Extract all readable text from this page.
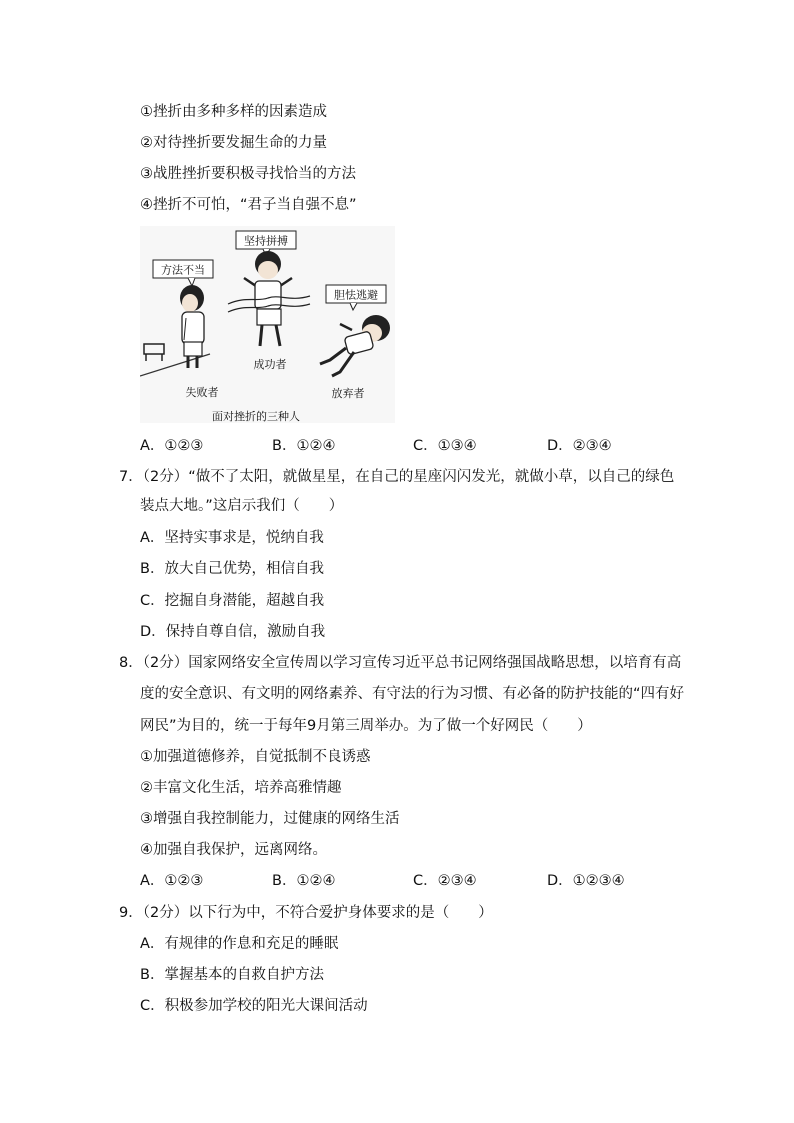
①挫折由多种多样的因素造成
②对待挫折要发掘生命的力量
③战胜挫折要积极寻找恰当的方法
④挫折不可怕，“君子当自强不息”
方法不当
坚持拼搏
胆怯逃避
失败者
成功者
放弃者
面对挫折的三种人
A．①②③	B．①②④	C．①③④	D．②③④
7．（2分）“做不了太阳，就做星星，在自己的星座闪闪发光，就做小草，以自己的绿色
装点大地。”这启示我们（　　）
A．坚持实事求是，悦纳自我
B．放大自己优势，相信自我
C．挖掘自身潜能，超越自我
D．保持自尊自信，激励自我
8．（2分）国家网络安全宣传周以学习宣传习近平总书记网络强国战略思想，以培育有高
度的安全意识、有文明的网络素养、有守法的行为习惯、有必备的防护技能的“四有好
网民”为目的，统一于每年9月第三周举办。为了做一个好网民（　　）
①加强道德修养，自觉抵制不良诱惑
②丰富文化生活，培养高雅情趣
③增强自我控制能力，过健康的网络生活
④加强自我保护，远离网络。
A．①②③	B．①②④	C．②③④	D．①②③④
9．（2分）以下行为中，不符合爱护身体要求的是（　　）
A．有规律的作息和充足的睡眠
B．掌握基本的自救自护方法
C．积极参加学校的阳光大课间活动
